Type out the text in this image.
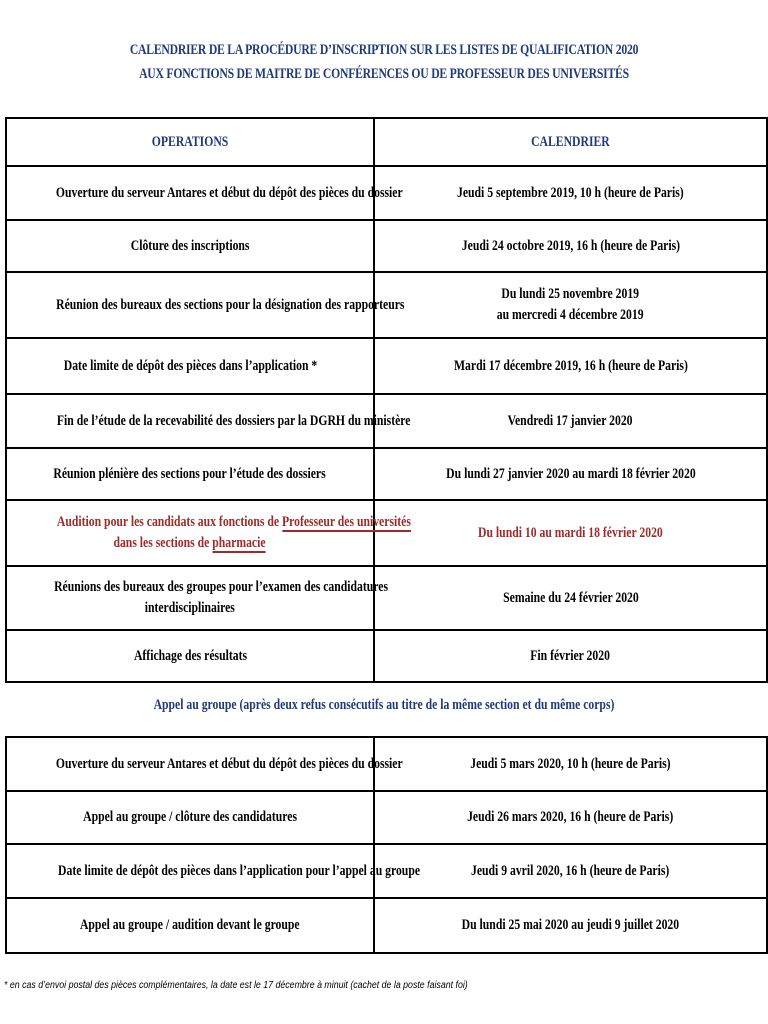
CALENDRIER DE LA PROCÉDURE D’INSCRIPTION SUR LES LISTES DE QUALIFICATION 2020
AUX FONCTIONS DE MAITRE DE CONFÉRENCES OU DE PROFESSEUR DES UNIVERSITÉS
OPERATIONS	CALENDRIER
Ouverture du serveur Antares et début du dépôt des pièces du dossier	Jeudi 5 septembre 2019, 10 h (heure de Paris)
Clôture des inscriptions	Jeudi 24 octobre 2019, 16 h (heure de Paris)
Réunion des bureaux des sections pour la désignation des rapporteurs	Du lundi 25 novembre 2019
au mercredi 4 décembre 2019
Date limite de dépôt des pièces dans l’application *	Mardi 17 décembre 2019, 16 h (heure de Paris)
Fin de l’étude de la recevabilité des dossiers par la DGRH du ministère	Vendredi 17 janvier 2020
Réunion plénière des sections pour l’étude des dossiers	Du lundi 27 janvier 2020 au mardi 18 février 2020
Audition pour les candidats aux fonctions de Professeur des universités
dans les sections de pharmacie	Du lundi 10 au mardi 18 février 2020
Réunions des bureaux des groupes pour l’examen des candidatures
interdisciplinaires	Semaine du 24 février 2020
Affichage des résultats	Fin février 2020
Appel au groupe (après deux refus consécutifs au titre de la même section et du même corps)
Ouverture du serveur Antares et début du dépôt des pièces du dossier	Jeudi 5 mars 2020, 10 h (heure de Paris)
Appel au groupe / clôture des candidatures	Jeudi 26 mars 2020, 16 h (heure de Paris)
Date limite de dépôt des pièces dans l’application pour l’appel au groupe	Jeudi 9 avril 2020, 16 h (heure de Paris)
Appel au groupe / audition devant le groupe	Du lundi 25 mai 2020 au jeudi 9 juillet 2020
* en cas d’envoi postal des pièces complémentaires, la date est le 17 décembre à minuit (cachet de la poste faisant foi)
